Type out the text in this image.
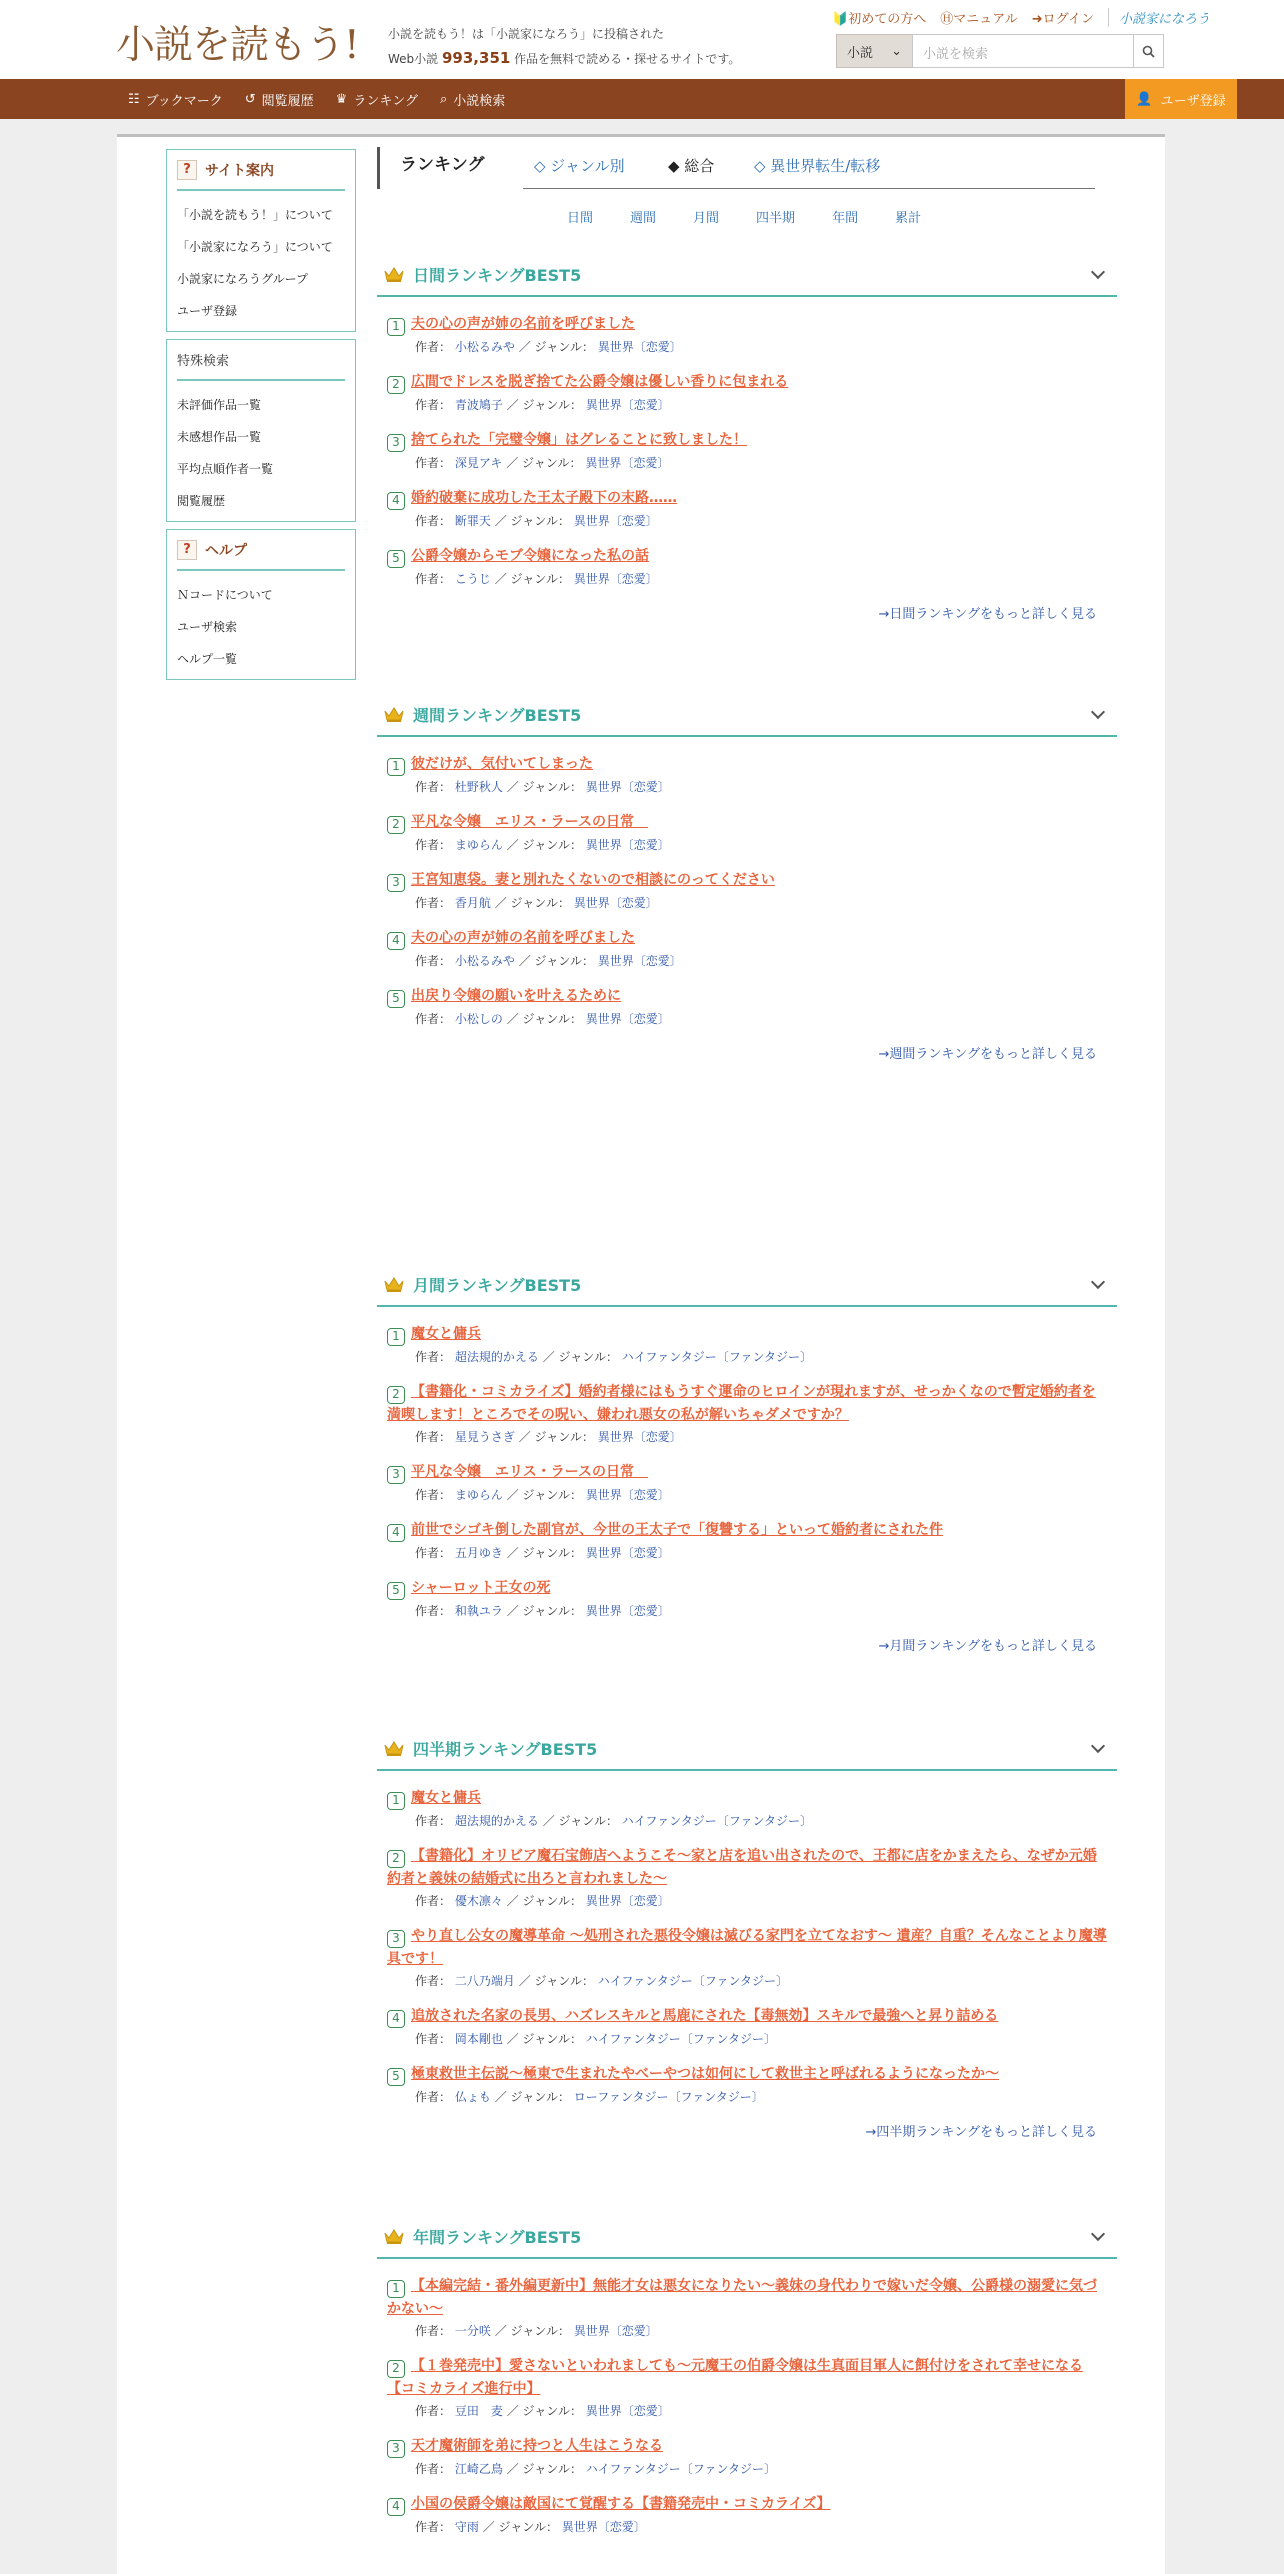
小説を読もう! 小説を読もう！は「小説家になろう」に投稿された
Web小説 993,351 作品を無料で読める・探せるサイトです。
🔰初めての方へ Ⓗマニュアル ➜ログイン	小説家になろう
小説 ⌄	小説を検索
☷ ブックマーク ↺ 閲覧履歴 ♛ ランキング ⌕ 小説検索	👤 ユーザ登録
?	サイト案内
「小説を読もう！」について
「小説家になろう」について
小説家になろうグループ
ユーザ登録
特殊検索
未評価作品一覧
未感想作品一覧
平均点順作者一覧
閲覧履歴
?	ヘルプ
Ｎコードについて
ユーザ検索
ヘルプ一覧
ランキング	◇ ジャンル別	◆ 総合	◇ 異世界転生/転移
日間	週間	月間	四半期	年間	累計
日間ランキングBEST5
1 夫の心の声が姉の名前を呼びました
作者： 小松るみや ／ ジャンル： 異世界〔恋愛〕
2 広間でドレスを脱ぎ捨てた公爵令嬢は優しい香りに包まれる
作者： 青波鳩子 ／ ジャンル： 異世界〔恋愛〕
3 捨てられた「完璧令嬢」はグレることに致しました！
作者： 深見アキ ／ ジャンル： 異世界〔恋愛〕
4 婚約破棄に成功した王太子殿下の末路……
作者： 断罪天 ／ ジャンル： 異世界〔恋愛〕
5 公爵令嬢からモブ令嬢になった私の話
作者： こうじ ／ ジャンル： 異世界〔恋愛〕
→日間ランキングをもっと詳しく見る
週間ランキングBEST5
1 彼だけが、気付いてしまった
作者： 杜野秋人 ／ ジャンル： 異世界〔恋愛〕
2 平凡な令嬢　エリス・ラースの日常　
作者： まゆらん ／ ジャンル： 異世界〔恋愛〕
3 王宮知恵袋。妻と別れたくないので相談にのってください
作者： 香月航 ／ ジャンル： 異世界〔恋愛〕
4 夫の心の声が姉の名前を呼びました
作者： 小松るみや ／ ジャンル： 異世界〔恋愛〕
5 出戻り令嬢の願いを叶えるために
作者： 小松しの ／ ジャンル： 異世界〔恋愛〕
→週間ランキングをもっと詳しく見る
月間ランキングBEST5
1 魔女と傭兵
作者： 超法規的かえる ／ ジャンル： ハイファンタジー〔ファンタジー〕
2 【書籍化・コミカライズ】婚約者様にはもうすぐ運命のヒロインが現れますが、せっかくなので暫定婚約者を満喫します！ところでその呪い、嫌われ悪女の私が解いちゃダメですか？
作者： 星見うさぎ ／ ジャンル： 異世界〔恋愛〕
3 平凡な令嬢　エリス・ラースの日常　
作者： まゆらん ／ ジャンル： 異世界〔恋愛〕
4 前世でシゴキ倒した副官が、今世の王太子で「復讐する」といって婚約者にされた件
作者： 五月ゆき ／ ジャンル： 異世界〔恋愛〕
5 シャーロット王女の死
作者： 和執ユラ ／ ジャンル： 異世界〔恋愛〕
→月間ランキングをもっと詳しく見る
四半期ランキングBEST5
1 魔女と傭兵
作者： 超法規的かえる ／ ジャンル： ハイファンタジー〔ファンタジー〕
2 【書籍化】オリビア魔石宝飾店へようこそ～家と店を追い出されたので、王都に店をかまえたら、なぜか元婚約者と義妹の結婚式に出ろと言われました～
作者： 優木凛々 ／ ジャンル： 異世界〔恋愛〕
3 やり直し公女の魔導革命 ～処刑された悪役令嬢は滅びる家門を立てなおす～ 遺産？自重？そんなことより魔導具です！
作者： 二八乃端月 ／ ジャンル： ハイファンタジー〔ファンタジー〕
4 追放された名家の長男、ハズレスキルと馬鹿にされた【毒無効】スキルで最強へと昇り詰める
作者： 岡本剛也 ／ ジャンル： ハイファンタジー〔ファンタジー〕
5 極東救世主伝説～極東で生まれたやべーやつは如何にして救世主と呼ばれるようになったか～
作者： 仏ょも ／ ジャンル： ローファンタジー〔ファンタジー〕
→四半期ランキングをもっと詳しく見る
年間ランキングBEST5
1 【本編完結・番外編更新中】無能才女は悪女になりたい～義妹の身代わりで嫁いだ令嬢、公爵様の溺愛に気づかない～
作者： 一分咲 ／ ジャンル： 異世界〔恋愛〕
2 【１巻発売中】愛さないといわれましても～元魔王の伯爵令嬢は生真面目軍人に餌付けをされて幸せになる【コミカライズ進行中】
作者： 豆田　麦 ／ ジャンル： 異世界〔恋愛〕
3 天才魔術師を弟に持つと人生はこうなる
作者： 江崎乙鳥 ／ ジャンル： ハイファンタジー〔ファンタジー〕
4 小国の侯爵令嬢は敵国にて覚醒する【書籍発売中・コミカライズ】
作者： 守雨 ／ ジャンル： 異世界〔恋愛〕
